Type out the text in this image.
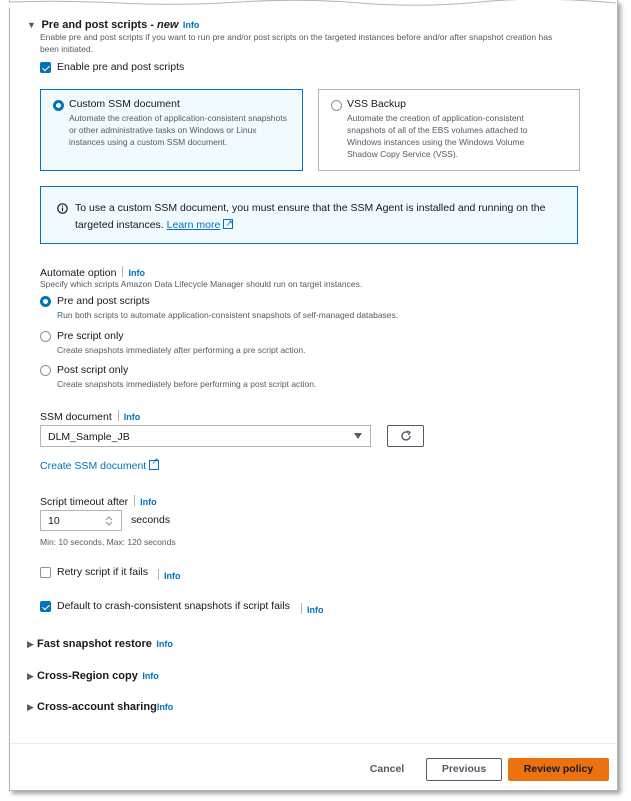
▼ Pre and post scripts - new Info
Enable pre and post scripts if you want to run pre and/or post scripts on the targeted instances before and/or after snapshot creation has been initiated.
Enable pre and post scripts
Custom SSM document
Automate the creation of application-consistent snapshots or other administrative tasks on Windows or Linux instances using a custom SSM document.
VSS Backup
Automate the creation of application-consistent snapshots of all of the EBS volumes attached to Windows instances using the Windows Volume Shadow Copy Service (VSS).
To use a custom SSM document, you must ensure that the SSM Agent is installed and running on the targeted instances. Learn more↗
Automate option Info
Specify which scripts Amazon Data Lifecycle Manager should run on target instances.
Pre and post scripts
Run both scripts to automate application-consistent snapshots of self-managed databases.
Pre script only
Create snapshots immediately after performing a pre script action.
Post script only
Create snapshots immediately before performing a post script action.
SSM document Info
DLM_Sample_JB
Create SSM document↗
Script timeout after Info
10	seconds
Min: 10 seconds, Max: 120 seconds
Retry script if it fails	Info
Default to crash-consistent snapshots if script fails	Info
▶ Fast snapshot restore Info
▶ Cross-Region copy Info
▶ Cross-account sharingInfo
Cancel	Previous	Review policy
